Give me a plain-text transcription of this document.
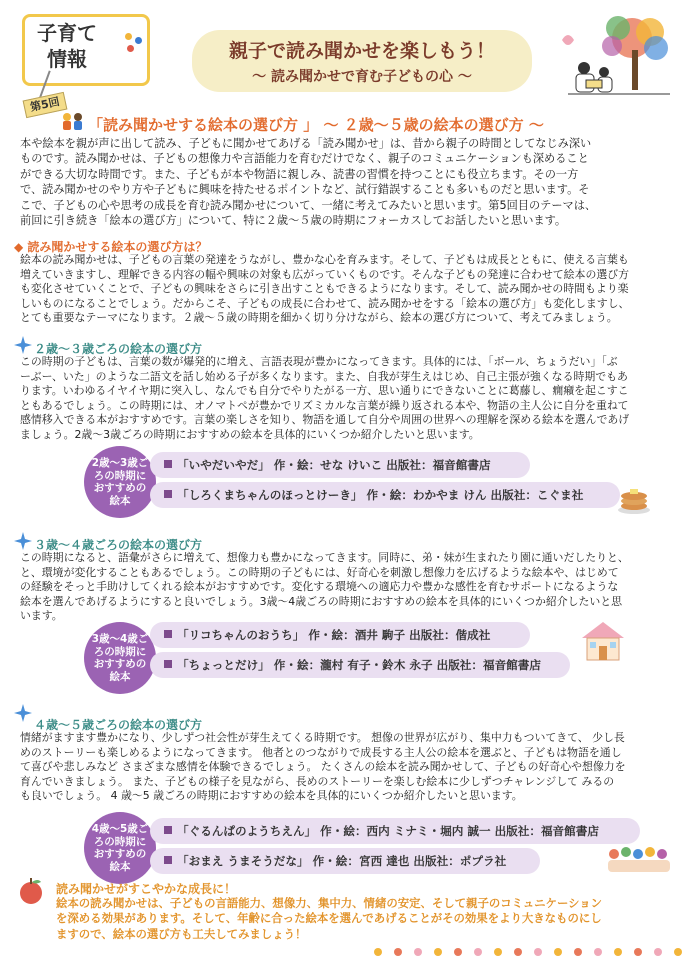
子育て
情報
第5回
親子で読み聞かせを楽しもう！
〜 読み聞かせで育む子どもの心 〜
「読み聞かせする絵本の選び方 」 〜 ２歳〜５歳の絵本の選び方 〜
本や絵本を親が声に出して読み、子どもに聞かせてあげる「読み聞かせ」は、昔から親子の時間としてなじみ深い
ものです。読み聞かせは、子どもの想像力や言語能力を育むだけでなく、親子のコミュニケーションも深めること
ができる大切な時間です。また、子どもが本や物語に親しみ、読書の習慣を持つことにも役立ちます。その一方
で、読み聞かせのやり方や子どもに興味を持たせるポイントなど、試行錯誤することも多いものだと思います。そ
こで、子どもの心や思考の成長を育む読み聞かせについて、一緒に考えてみたいと思います。第5回目のテーマは、
前回に引き続き「絵本の選び方」について、特に２歳〜５歳の時期にフォーカスしてお話したいと思います。
◆ 読み聞かせする絵本の選び方は？
絵本の読み聞かせは、子どもの言葉の発達をうながし、豊かな心を育みます。そして、子どもは成長とともに、使える言葉も
増えていきますし、理解できる内容の幅や興味の対象も広がっていくものです。そんな子どもの発達に合わせて絵本の選び方
も変化させていくことで、子どもの興味をさらに引き出すこともできるようになります。そして、読み聞かせの時間もより楽
しいものになることでしょう。だからこそ、子どもの成長に合わせて、読み聞かせをする「絵本の選び方」も変化しますし、
とても重要なテーマになります。２歳〜５歳の時期を細かく切り分けながら、絵本の選び方について、考えてみましょう。
２歳〜３歳ごろの絵本の選び方
この時期の子どもは、言葉の数が爆発的に増え、言語表現が豊かになってきます。具体的には、「ボール、ちょうだい」「ぶ
ーぶー、いた」のような二語文を話し始める子が多くなります。また、自我が芽生えはじめ、自己主張が強くなる時期でもあ
ります。いわゆるイヤイヤ期に突入し、なんでも自分でやりたがる一方、思い通りにできないことに葛藤し、癇癪を起こすこ
ともあるでしょう。この時期には、オノマトペが豊かでリズミカルな言葉が繰り返される本や、物語の主人公に自分を重ねて
感情移入できる本がおすすめです。言葉の楽しさを知り、物語を通して自分や周囲の世界への理解を深める絵本を選んであげ
ましょう。2歳〜3歳ごろの時期におすすめの絵本を具体的にいくつか紹介したいと思います。
2歳〜3歳ごろの時期におすすめの絵本
「いやだいやだ」 作・絵：せな けいこ 出版社：福音館書店
「しろくまちゃんのほっとけーき」 作・絵：わかやま けん 出版社：こぐま社
３歳〜４歳ごろの絵本の選び方
この時期になると、語彙がさらに増えて、想像力も豊かになってきます。同時に、弟・妹が生まれたり園に通いだしたりと、
と、環境が変化することもあるでしょう。この時期の子どもには、好奇心を刺激し想像力を広げるような絵本や、はじめて
の経験をそっと手助けしてくれる絵本がおすすめです。変化する環境への適応力や豊かな感性を育むサポートになるような
絵本を選んであげるようにすると良いでしょう。3歳〜4歳ごろの時期におすすめの絵本を具体的にいくつか紹介したいと思
います。
3歳〜4歳ごろの時期におすすめの絵本
「リコちゃんのおうち」 作・絵：酒井 駒子 出版社：偕成社
「ちょっとだけ」 作・絵：瀧村 有子・鈴木 永子 出版社：福音館書店
４歳〜５歳ごろの絵本の選び方
情緒がますます豊かになり、少しずつ社会性が芽生えてくる時期です。 想像の世界が広がり、集中力もついてきて、 少し長
めのストーリーも楽しめるようになってきます。 他者とのつながりで成長する主人公の絵本を選ぶと、子どもは物語を通し
て喜びや悲しみなど さまざまな感情を体験できるでしょう。 たくさんの絵本を読み聞かせして、子どもの好奇心や想像力を
育んでいきましょう。 また、子どもの様子を見ながら、長めのストーリーを楽しむ絵本に少しずつチャレンジして みるの
も良いでしょう。 4 歳〜5 歳ごろの時期におすすめの絵本を具体的にいくつか紹介したいと思います。
4歳〜5歳ごろの時期におすすめの絵本
「ぐるんぱのようちえん」 作・絵：西内 ミナミ・堀内 誠一 出版社：福音館書店
「おまえ うまそうだな」 作・絵：宮西 達也 出版社：ポプラ社
読み聞かせがすこやかな成長に！
絵本の読み聞かせは、子どもの言語能力、想像力、集中力、情緒の安定、そして親子のコミュニケーション
を深める効果があります。そして、年齢に合った絵本を選んであげることがその効果をより大きなものにし
ますので、絵本の選び方も工夫してみましょう！
